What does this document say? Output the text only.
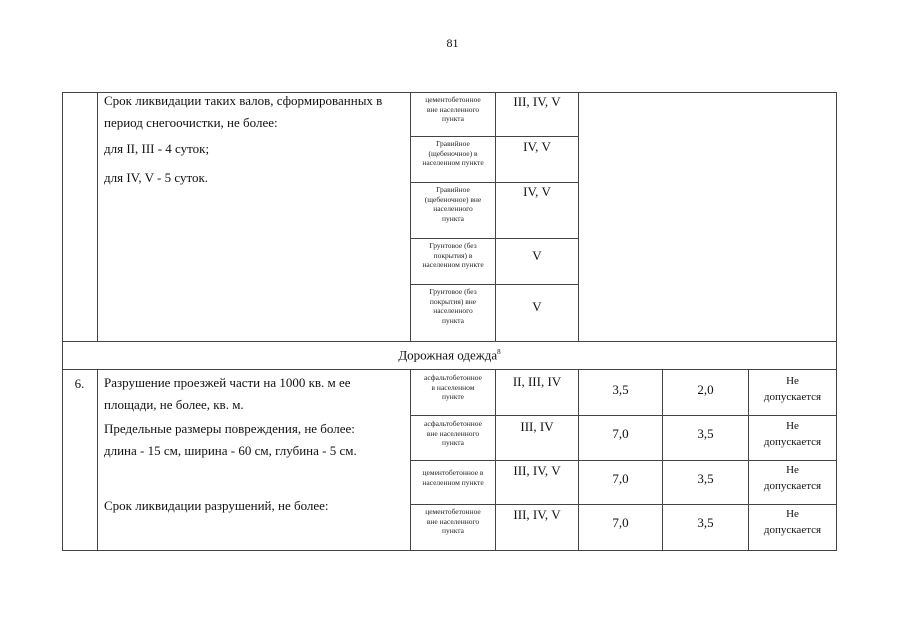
81
Срок ликвидации таких валов, сформированных в
период снегоочистки, не более:
для II, III - 4 суток;
для IV, V - 5 суток.
цементобетонное
вне населенного
пункта
Гравийное
(щебеночное) в
населенном пункте
Гравийное
(щебеночное) вне
населенного
пункта
Грунтовое (без
покрытия) в
населенном пункте
Грунтовое (без
покрытия) вне
населенного
пункта
III, IV, V
IV, V
IV, V
V
V
Дорожная одежда$^8$
6.	Разрушение проезжей части на 1000 кв. м ее
площади, не более, кв. м.
Предельные размеры повреждения, не более:
длина - 15 см, ширина - 60 см, глубина - 5 см.
Срок ликвидации разрушений, не более:
асфальтобетонное
в населенном
пункте
асфальтобетонное
вне населенного
пункта
цементобетонное в
населенном пункте
цементобетонное
вне населенного
пункта
II, III, IV
III, IV
III, IV, V
III, IV, V
3,5
7,0
7,0
7,0
2,0
3,5
3,5
3,5
Не
допускается
Не
допускается
Не
допускается
Не
допускается
